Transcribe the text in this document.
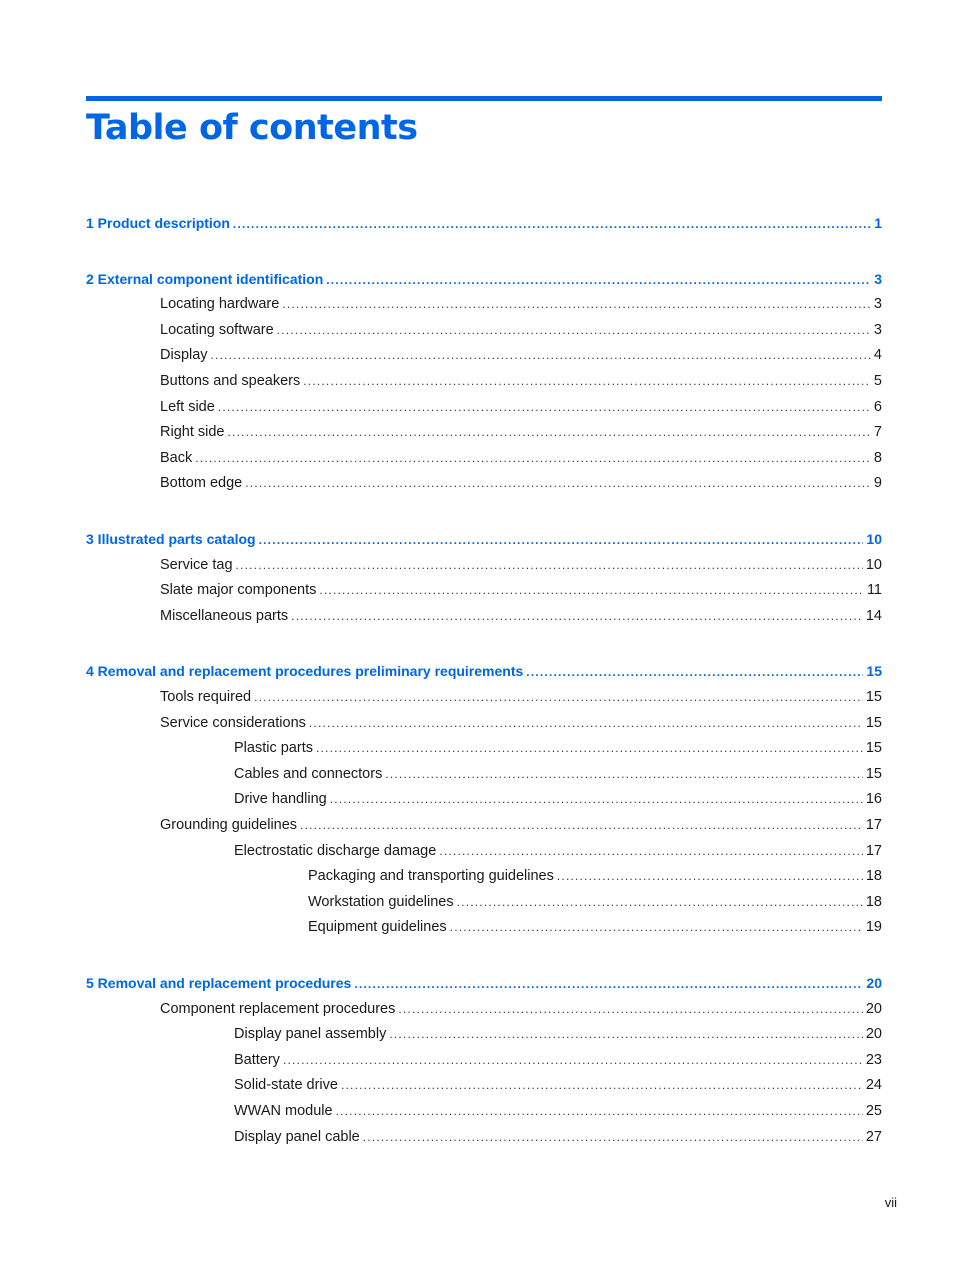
Table of contents
1 Product description .....	1
2 External component identification .....	3
Locating hardware .....	3
Locating software .....	3
Display .....	4
Buttons and speakers .....	5
Left side .....	6
Right side .....	7
Back .....	8
Bottom edge .....	9
3 Illustrated parts catalog .....	10
Service tag .....	10
Slate major components .....	11
Miscellaneous parts .....	14
4 Removal and replacement procedures preliminary requirements .....	15
Tools required .....	15
Service considerations .....	15
Plastic parts .....	15
Cables and connectors .....	15
Drive handling .....	16
Grounding guidelines .....	17
Electrostatic discharge damage .....	17
Packaging and transporting guidelines .....	18
Workstation guidelines .....	18
Equipment guidelines .....	19
5 Removal and replacement procedures .....	20
Component replacement procedures .....	20
Display panel assembly .....	20
Battery .....	23
Solid-state drive .....	24
WWAN module .....	25
Display panel cable .....	27
vii
